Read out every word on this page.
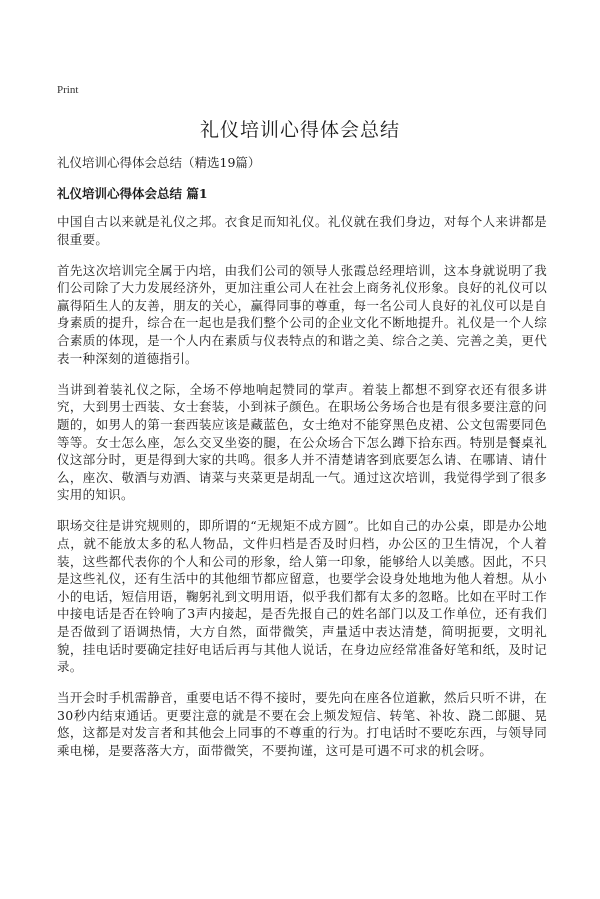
Print
礼仪培训心得体会总结

礼仪培训心得体会总结（精选19篇）

礼仪培训心得体会总结 篇1

中国自古以来就是礼仪之邦。衣食足而知礼仪。礼仪就在我们身边，对每个人来讲都是很重要。

首先这次培训完全属于内培，由我们公司的领导人张霞总经理培训，这本身就说明了我们公司除了大力发展经济外，更加注重公司人在社会上商务礼仪形象。良好的礼仪可以赢得陌生人的友善，朋友的关心，赢得同事的尊重，每一名公司人良好的礼仪可以是自身素质的提升，综合在一起也是我们整个公司的企业文化不断地提升。礼仪是一个人综合素质的体现，是一个人内在素质与仪表特点的和谐之美、综合之美、完善之美，更代表一种深刻的道德指引。

当讲到着装礼仪之际，全场不停地响起赞同的掌声。着装上都想不到穿衣还有很多讲究，大到男士西装、女士套装，小到袜子颜色。在职场公务场合也是有很多要注意的问题的，如男人的第一套西装应该是藏蓝色，女士绝对不能穿黑色皮裙、公文包需要同色等等。女士怎么座，怎么交叉坐姿的腿，在公众场合下怎么蹲下拾东西。特别是餐桌礼仪这部分时，更是得到大家的共鸣。很多人并不清楚请客到底要怎么请、在哪请、请什么，座次、敬酒与劝酒、请菜与夹菜更是胡乱一气。通过这次培训，我觉得学到了很多实用的知识。

职场交往是讲究规则的，即所谓的“无规矩不成方圆”。比如自己的办公桌，即是办公地点，就不能放太多的私人物品，文件归档是否及时归档，办公区的卫生情况，个人着装，这些都代表你的个人和公司的形象，给人第一印象，能够给人以美感。因此，不只是这些礼仪，还有生活中的其他细节都应留意，也要学会设身处地地为他人着想。从小小的电话，短信用语，鞠躬礼到文明用语，似乎我们都有太多的忽略。比如在平时工作中接电话是否在铃响了3声内接起，是否先报自己的姓名部门以及工作单位，还有我们是否做到了语调热情，大方自然，面带微笑，声量适中表达清楚，简明扼要，文明礼貌，挂电话时要确定挂好电话后再与其他人说话，在身边应经常准备好笔和纸，及时记录。

当开会时手机需静音，重要电话不得不接时，要先向在座各位道歉，然后只听不讲，在30秒内结束通话。更要注意的就是不要在会上频发短信、转笔、补妆、跷二郎腿、晃悠，这都是对发言者和其他会上同事的不尊重的行为。打电话时不要吃东西，与领导同乘电梯，是要落落大方，面带微笑，不要拘谨，这可是可遇不可求的机会呀。
